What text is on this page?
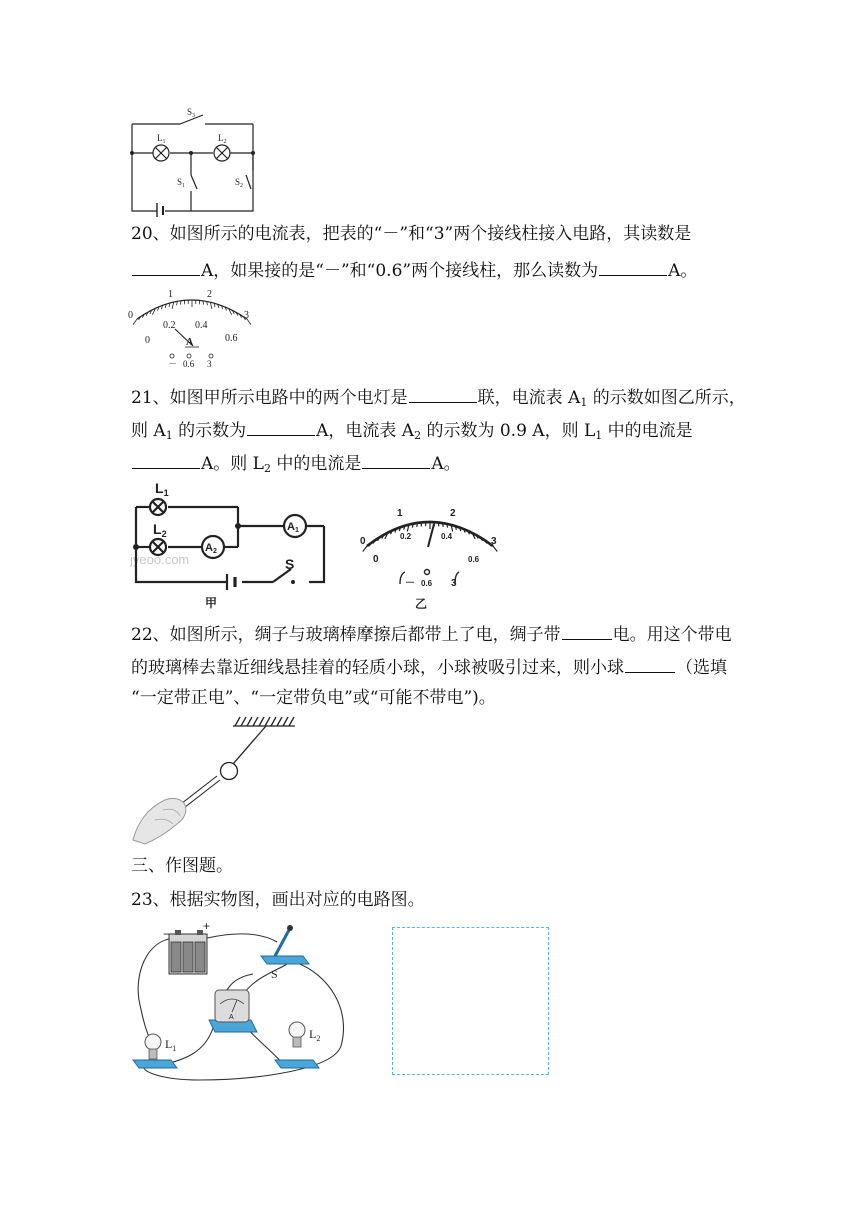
$S_3$
$L_1$	$L_2$
$S_1$	$S_2$
20、如图所示的电流表，把表的“－”和“3”两个接线柱接入电路，其读数是
A，如果接的是“－”和“0.6”两个接线柱，那么读数为	A。
0
1	2
3
0
0.2 0.4
0.6
A
－ 0.6 3
21、如图甲所示电路中的两个电灯是	联，电流表 $A_1$ 的示数如图乙所示，
则 $A_1$ 的示数为	A，电流表 $A_2$ 的示数为 0.9 A，则 $L_1$ 中的电流是
A。则 $L_2$ 中的电流是	A。
jyeoo.com
$L_1$
$L_2$
A2
A1
S
甲
0
1	2
3
0
0.2	0.4
0.6
－ 0.6 3
乙
22、如图所示，绸子与玻璃棒摩擦后都带上了电，绸子带	电。用这个带电
的玻璃棒去靠近细线悬挂着的轻质小球，小球被吸引过来，则小球	（选填
“一定带正电”、“一定带负电”或“可能不带电”)。
三、作图题。
23、根据实物图，画出对应的电路图。
−
+
S
A
$L_1$
$L_2$
